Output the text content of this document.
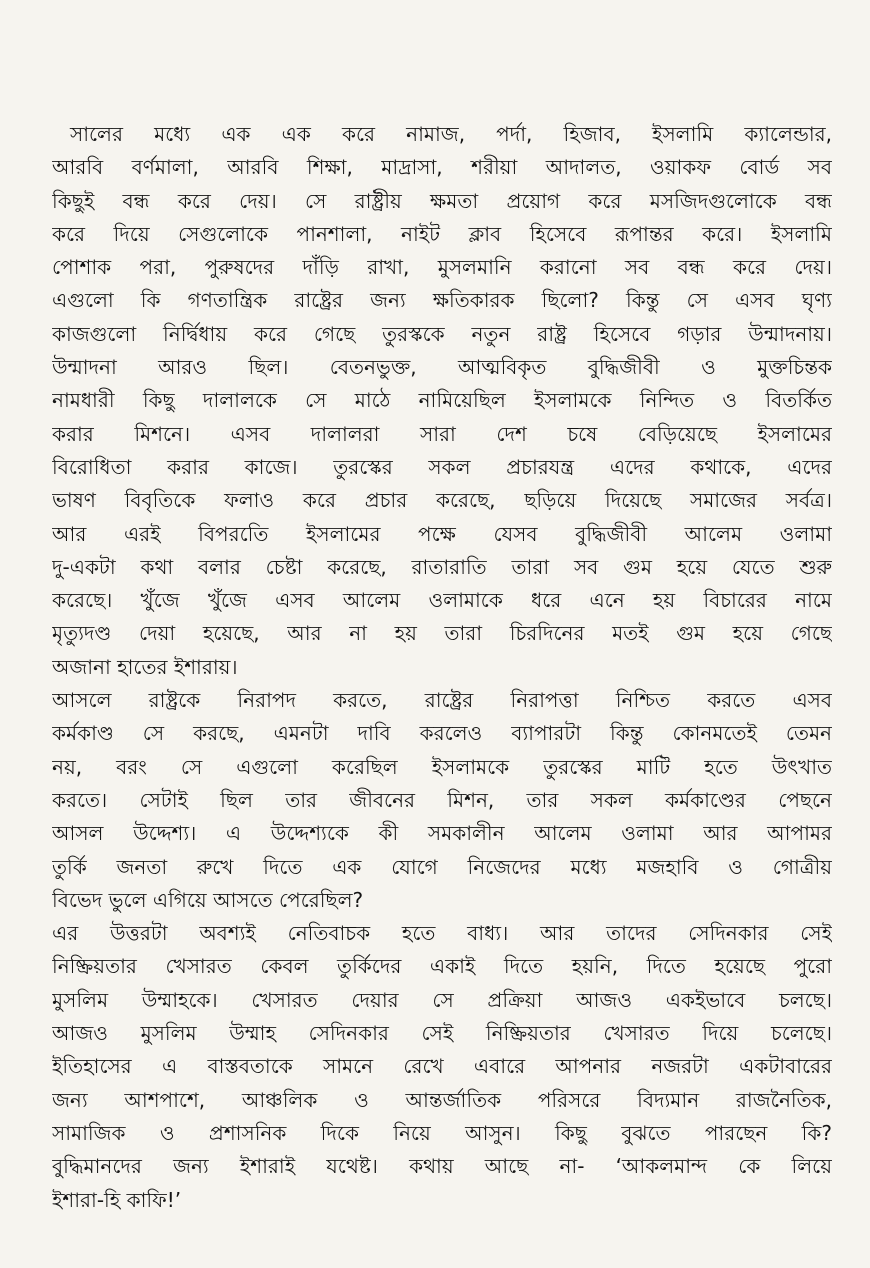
সালের মধ্যে এক এক করে নামাজ, পর্দা, হিজাব, ইসলামি ক্যালেন্ডার,
আরবি বর্ণমালা, আরবি শিক্ষা, মাদ্রাসা, শরীয়া আদালত, ওয়াকফ বোর্ড সব
কিছুই বন্ধ করে দেয়। সে রাষ্ট্রীয় ক্ষমতা প্রয়োগ করে মসজিদগুলোকে বন্ধ
করে দিয়ে সেগুলোকে পানশালা, নাইট ক্লাব হিসেবে রূপান্তর করে। ইসলামি
পোশাক পরা, পুরুষদের দাঁড়ি রাখা, মুসলমানি করানো সব বন্ধ করে দেয়।
এগুলো কি গণতান্ত্রিক রাষ্ট্রের জন্য ক্ষতিকারক ছিলো? কিন্তু সে এসব ঘৃণ্য
কাজগুলো নির্দ্বিধায় করে গেছে তুরস্ককে নতুন রাষ্ট্র হিসেবে গড়ার উন্মাদনায়।
উন্মাদনা আরও ছিল। বেতনভুক্ত, আত্মবিকৃত বুদ্ধিজীবী ও মুক্তচিন্তক
নামধারী কিছু দালালকে সে মাঠে নামিয়েছিল ইসলামকে নিন্দিত ও বিতর্কিত
করার মিশনে। এসব দালালরা সারা দেশ চষে বেড়িয়েছে ইসলামের
বিরোধিতা করার কাজে। তুরস্কের সকল প্রচারযন্ত্র এদের কথাকে, এদের
ভাষণ বিবৃতিকে ফলাও করে প্রচার করেছে, ছড়িয়ে দিয়েছে সমাজের সর্বত্র।
আর এরই বিপরতিে ইসলামের পক্ষে যেসব বুদ্ধিজীবী আলেম ওলামা
দু-একটা কথা বলার চেষ্টা করেছে, রাতারাতি তারা সব গুম হয়ে যেতে শুরু
করেছে। খুঁজে খুঁজে এসব আলেম ওলামাকে ধরে এনে হয় বিচারের নামে
মৃত্যুদণ্ড দেয়া হয়েছে, আর না হয় তারা চিরদিনের মতই গুম হয়ে গেছে
অজানা হাতের ইশারায়।
আসলে রাষ্ট্রকে নিরাপদ করতে, রাষ্ট্রের নিরাপত্তা নিশ্চিত করতে এসব
কর্মকাণ্ড সে করছে, এমনটা দাবি করলেও ব্যাপারটা কিন্তু কোনমতেই তেমন
নয়, বরং সে এগুলো করেছিল ইসলামকে তুরস্কের মাটি হতে উৎখাত
করতে। সেটাই ছিল তার জীবনের মিশন, তার সকল কর্মকাণ্ডের পেছনে
আসল উদ্দেশ্য। এ উদ্দেশ্যকে কী সমকালীন আলেম ওলামা আর আপামর
তুর্কি জনতা রুখে দিতে এক যোগে নিজেদের মধ্যে মজহাবি ও গোত্রীয়
বিভেদ ভুলে এগিয়ে আসতে পেরেছিল?
এর উত্তরটা অবশ্যই নেতিবাচক হতে বাধ্য। আর তাদের সেদিনকার সেই
নিষ্ক্রিয়তার খেসারত কেবল তুর্কিদের একাই দিতে হয়নি, দিতে হয়েছে পুরো
মুসলিম উম্মাহকে। খেসারত দেয়ার সে প্রক্রিয়া আজও একইভাবে চলছে।
আজও মুসলিম উম্মাহ সেদিনকার সেই নিষ্ক্রিয়তার খেসারত দিয়ে চলেছে।
ইতিহাসের এ বাস্তবতাকে সামনে রেখে এবারে আপনার নজরটা একটাবারের
জন্য আশপাশে, আঞ্চলিক ও আন্তর্জাতিক পরিসরে বিদ্যমান রাজনৈতিক,
সামাজিক ও প্রশাসনিক দিকে নিয়ে আসুন। কিছু বুঝতে পারছেন কি?
বুদ্ধিমানদের জন্য ইশারাই যথেষ্ট। কথায় আছে না- ‘আকলমান্দ কে লিয়ে
ইশারা-হি কাফি!’
